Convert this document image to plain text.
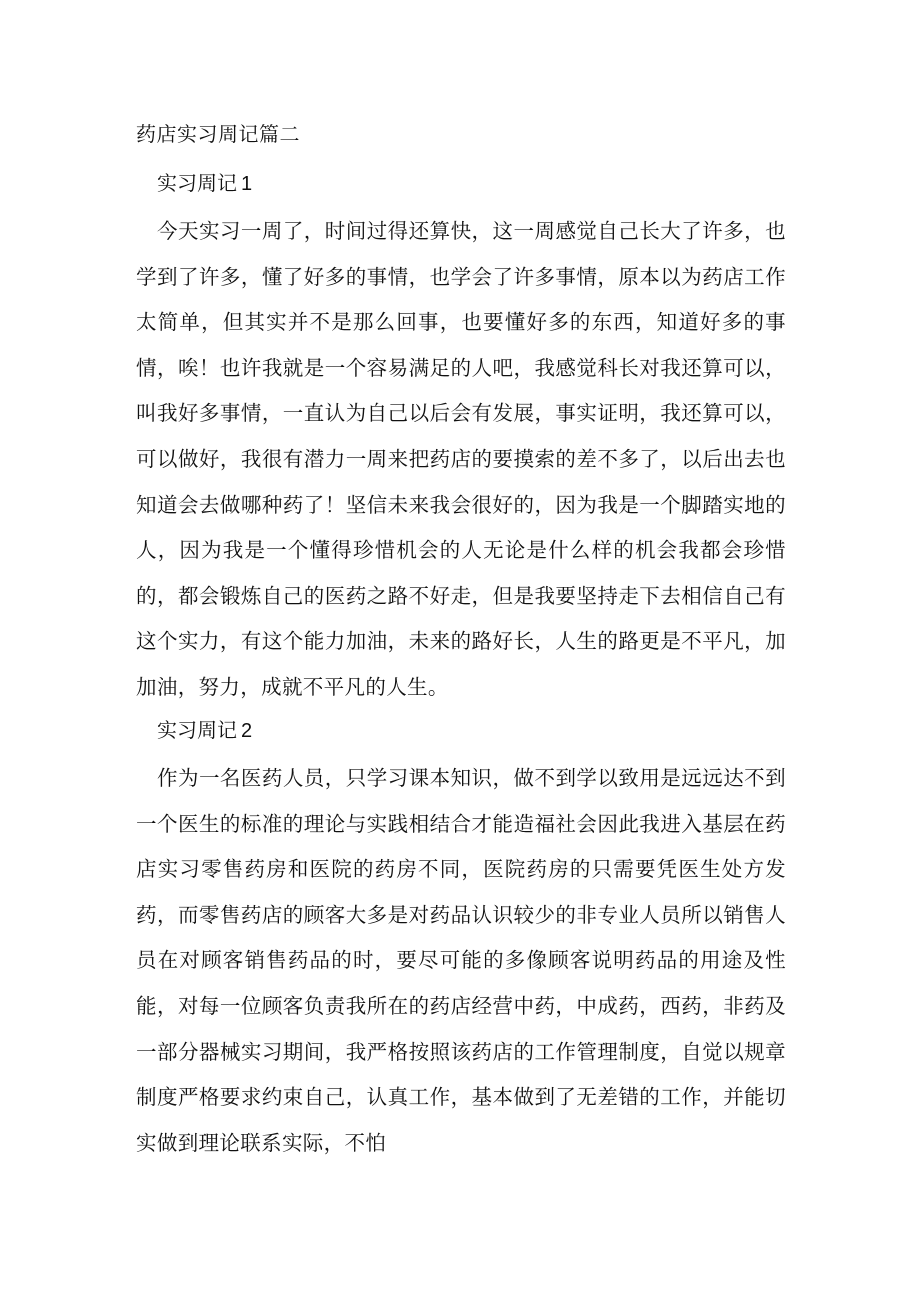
药店实习周记篇二
实习周记 1

今天实习一周了，时间过得还算快，这一周感觉自己长大了许多，也学到了许多，懂了好多的事情，也学会了许多事情，原本以为药店工作太简单，但其实并不是那么回事，也要懂好多的东西，知道好多的事情，唉！也许我就是一个容易满足的人吧，我感觉科长对我还算可以，叫我好多事情，一直认为自己以后会有发展，事实证明，我还算可以，可以做好，我很有潜力一周来把药店的要摸索的差不多了，以后出去也知道会去做哪种药了！坚信未来我会很好的，因为我是一个脚踏实地的人，因为我是一个懂得珍惜机会的人无论是什么样的机会我都会珍惜的，都会锻炼自己的医药之路不好走，但是我要坚持走下去相信自己有这个实力，有这个能力加油，未来的路好长，人生的路更是不平凡，加加油，努力，成就不平凡的人生。

实习周记 2

作为一名医药人员，只学习课本知识，做不到学以致用是远远达不到一个医生的标准的理论与实践相结合才能造福社会因此我进入基层在药店实习零售药房和医院的药房不同，医院药房的只需要凭医生处方发药，而零售药店的顾客大多是对药品认识较少的非专业人员所以销售人员在对顾客销售药品的时，要尽可能的多像顾客说明药品的用途及性能，对每一位顾客负责我所在的药店经营中药，中成药，西药，非药及一部分器械实习期间，我严格按照该药店的工作管理制度，自觉以规章制度严格要求约束自己，认真工作，基本做到了无差错的工作，并能切实做到理论联系实际，不怕
